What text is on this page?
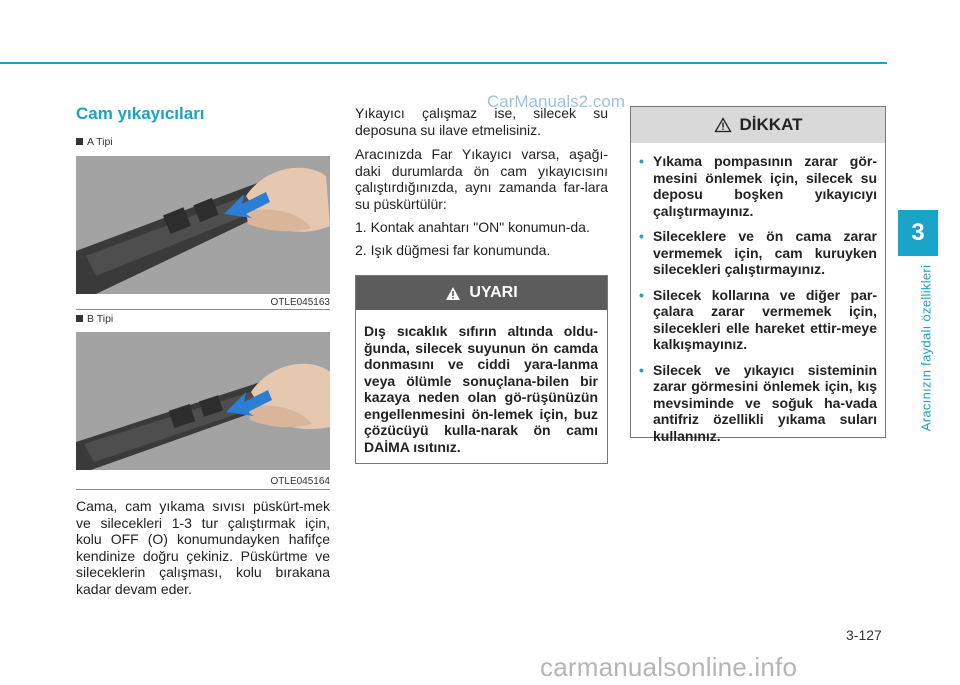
3
Aracınızın faydalı özellikleri
CarManuals2.com
Cam yıkayıcıları
A Tipi
OTLE045163
B Tipi
OTLE045164
Cama, cam yıkama sıvısı püskürt-mek ve silecekleri 1-3 tur çalıştırmak için, kolu OFF (O) konumundayken hafifçe kendinize doğru çekiniz. Püskürtme ve sileceklerin çalışması, kolu bırakana kadar devam eder.
Yıkayıcı çalışmaz ise, silecek su deposuna su ilave etmelisiniz.
Aracınızda Far Yıkayıcı varsa, aşağı-daki durumlarda ön cam yıkayıcısını çalıştırdığınızda, aynı zamanda far-lara su püskürtülür:
1. Kontak anahtarı "ON" konumun-da.
2. Işık düğmesi far konumunda.
UYARI
Dış sıcaklık sıfırın altında oldu-ğunda, silecek suyunun ön camda donmasını ve ciddi yara-lanma veya ölümle sonuçlana-bilen bir kazaya neden olan gö-rüşünüzün engellenmesini ön-lemek için, buz çözücüyü kulla-narak ön camı DAİMA ısıtınız.
DİKKAT
• Yıkama pompasının zarar gör-mesini önlemek için, silecek su deposu boşken yıkayıcıyı çalıştırmayınız.
• Sileceklere ve ön cama zarar vermemek için, cam kuruyken silecekleri çalıştırmayınız.
• Silecek kollarına ve diğer par-çalara zarar vermemek için, silecekleri elle hareket ettir-meye kalkışmayınız.
• Silecek ve yıkayıcı sisteminin zarar görmesini önlemek için, kış mevsiminde ve soğuk ha-vada antifriz özellikli yıkama suları kullanınız.
3-127
carmanualsonline.info
